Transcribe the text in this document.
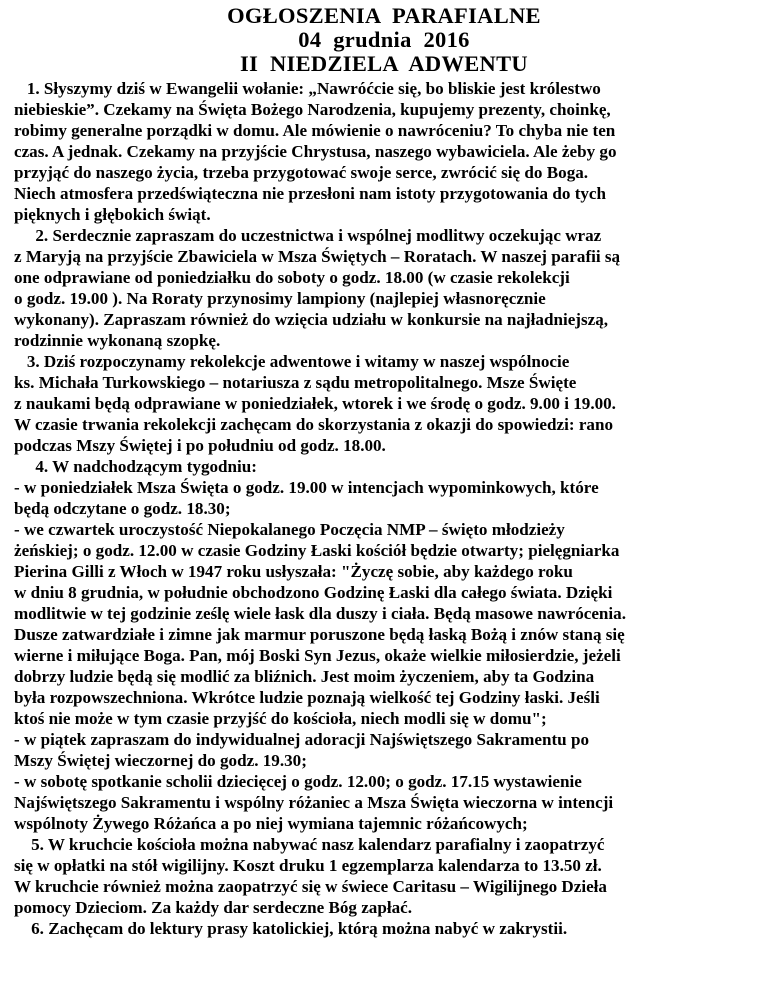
OGŁOSZENIA  PARAFIALNE
04  grudnia  2016
II  NIEDZIELA  ADWENTU
1. Słyszymy dziś w Ewangelii wołanie: „Nawróćcie się, bo bliskie jest królestwo
niebieskie”. Czekamy na Święta Bożego Narodzenia, kupujemy prezenty, choinkę,
robimy generalne porządki w domu. Ale mówienie o nawróceniu? To chyba nie ten
czas. A jednak. Czekamy na przyjście Chrystusa, naszego wybawiciela. Ale żeby go
przyjąć do naszego życia, trzeba przygotować swoje serce, zwrócić się do Boga.
Niech atmosfera przedświąteczna nie przesłoni nam istoty przygotowania do tych
pięknych i głębokich świąt.
2. Serdecznie zapraszam do uczestnictwa i wspólnej modlitwy oczekując wraz
z Maryją na przyjście Zbawiciela w Msza Świętych – Roratach. W naszej parafii są
one odprawiane od poniedziałku do soboty o godz. 18.00 (w czasie rekolekcji
o godz. 19.00 ). Na Roraty przynosimy lampiony (najlepiej własnoręcznie
wykonany). Zapraszam również do wzięcia udziału w konkursie na najładniejszą,
rodzinnie wykonaną szopkę.
3. Dziś rozpoczynamy rekolekcje adwentowe i witamy w naszej wspólnocie
ks. Michała Turkowskiego – notariusza z sądu metropolitalnego. Msze Święte
z naukami będą odprawiane w poniedziałek, wtorek i we środę o godz. 9.00 i 19.00.
W czasie trwania rekolekcji zachęcam do skorzystania z okazji do spowiedzi: rano
podczas Mszy Świętej i po południu od godz. 18.00.
4. W nadchodzącym tygodniu:
- w poniedziałek Msza Święta o godz. 19.00 w intencjach wypominkowych, które
będą odczytane o godz. 18.30;
- we czwartek uroczystość Niepokalanego Poczęcia NMP – święto młodzieży
żeńskiej; o godz. 12.00 w czasie Godziny Łaski kościół będzie otwarty; pielęgniarka
Pierina Gilli z Włoch w 1947 roku usłyszała: "Życzę sobie, aby każdego roku
w dniu 8 grudnia, w południe obchodzono Godzinę Łaski dla całego świata. Dzięki
modlitwie w tej godzinie ześlę wiele łask dla duszy i ciała. Będą masowe nawrócenia.
Dusze zatwardziałe i zimne jak marmur poruszone będą łaską Bożą i znów staną się
wierne i miłujące Boga. Pan, mój Boski Syn Jezus, okaże wielkie miłosierdzie, jeżeli
dobrzy ludzie będą się modlić za bliźnich. Jest moim życzeniem, aby ta Godzina
była rozpowszechniona. Wkrótce ludzie poznają wielkość tej Godziny łaski. Jeśli
ktoś nie może w tym czasie przyjść do kościoła, niech modli się w domu";
- w piątek zapraszam do indywidualnej adoracji Najświętszego Sakramentu po
Mszy Świętej wieczornej do godz. 19.30;
- w sobotę spotkanie scholii dziecięcej o godz. 12.00; o godz. 17.15 wystawienie
Najświętszego Sakramentu i wspólny różaniec a Msza Święta wieczorna w intencji
wspólnoty Żywego Różańca a po niej wymiana tajemnic różańcowych;
5. W kruchcie kościoła można nabywać nasz kalendarz parafialny i zaopatrzyć
się w opłatki na stół wigilijny. Koszt druku 1 egzemplarza kalendarza to 13.50 zł.
W kruchcie również można zaopatrzyć się w świece Caritasu – Wigilijnego Dzieła
pomocy Dzieciom. Za każdy dar serdeczne Bóg zapłać.
6. Zachęcam do lektury prasy katolickiej, którą można nabyć w zakrystii.
